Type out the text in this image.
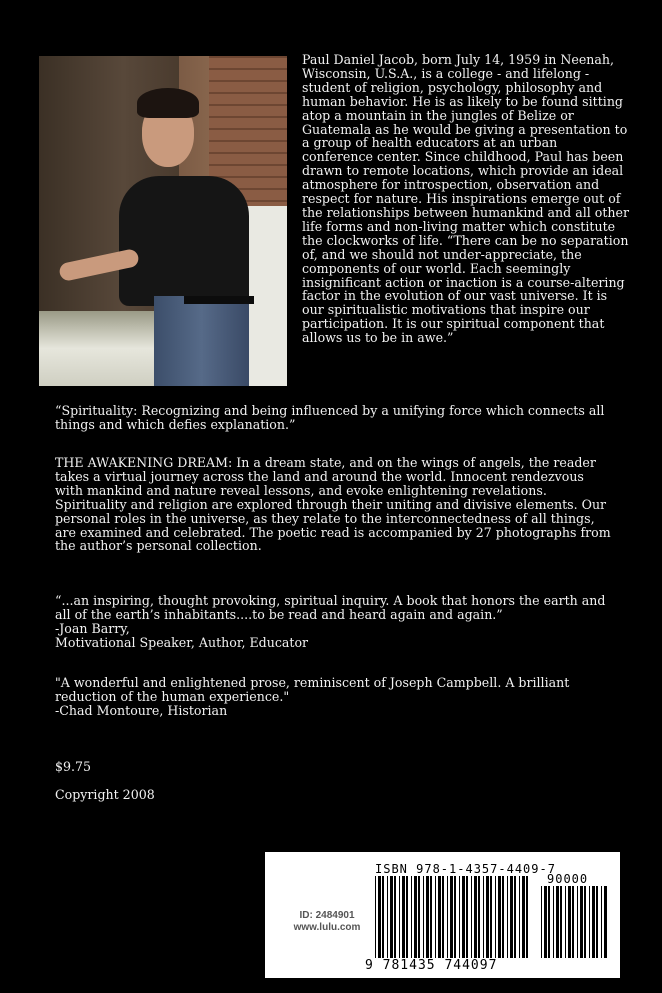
Paul Daniel Jacob, born July 14, 1959 in Neenah, Wisconsin, U.S.A., is a college - and lifelong - student of religion, psychology, philosophy and human behavior. He is as likely to be found sitting atop a mountain in the jungles of Belize or Guatemala as he would be giving a presentation to a group of health educators at an urban conference center. Since childhood, Paul has been drawn to remote locations, which provide an ideal atmosphere for introspection, observation and respect for nature. His inspirations emerge out of the relationships between humankind and all other life forms and non-living matter which constitute the clockworks of life. “There can be no separation of, and we should not under-appreciate, the components of our world. Each seemingly insignificant action or inaction is a course-altering factor in the evolution of our vast universe. It is our spiritualistic motivations that inspire our participation. It is our spiritual component that allows us to be in awe.”

“Spirituality: Recognizing and being influenced by a unifying force which connects all things and which defies explanation.”

THE AWAKENING DREAM: In a dream state, and on the wings of angels, the reader takes a virtual journey across the land and around the world. Innocent rendezvous with mankind and nature reveal lessons, and evoke enlightening revelations. Spirituality and religion are explored through their uniting and divisive elements. Our personal roles in the universe, as they relate to the interconnectedness of all things, are examined and celebrated. The poetic read is accompanied by 27 photographs from the author’s personal collection.

“...an inspiring, thought provoking, spiritual inquiry. A book that honors the earth and all of the earth’s inhabitants....to be read and heard again and again.”
-Joan Barry,
Motivational Speaker, Author, Educator
"A wonderful and enlightened prose, reminiscent of Joseph Campbell. A brilliant reduction of the human experience."
-Chad Montoure, Historian

$9.75

Copyright 2008

ISBN 978-1-4357-4409-7
90000
ID: 2484901
www.lulu.com
9 781435 744097
